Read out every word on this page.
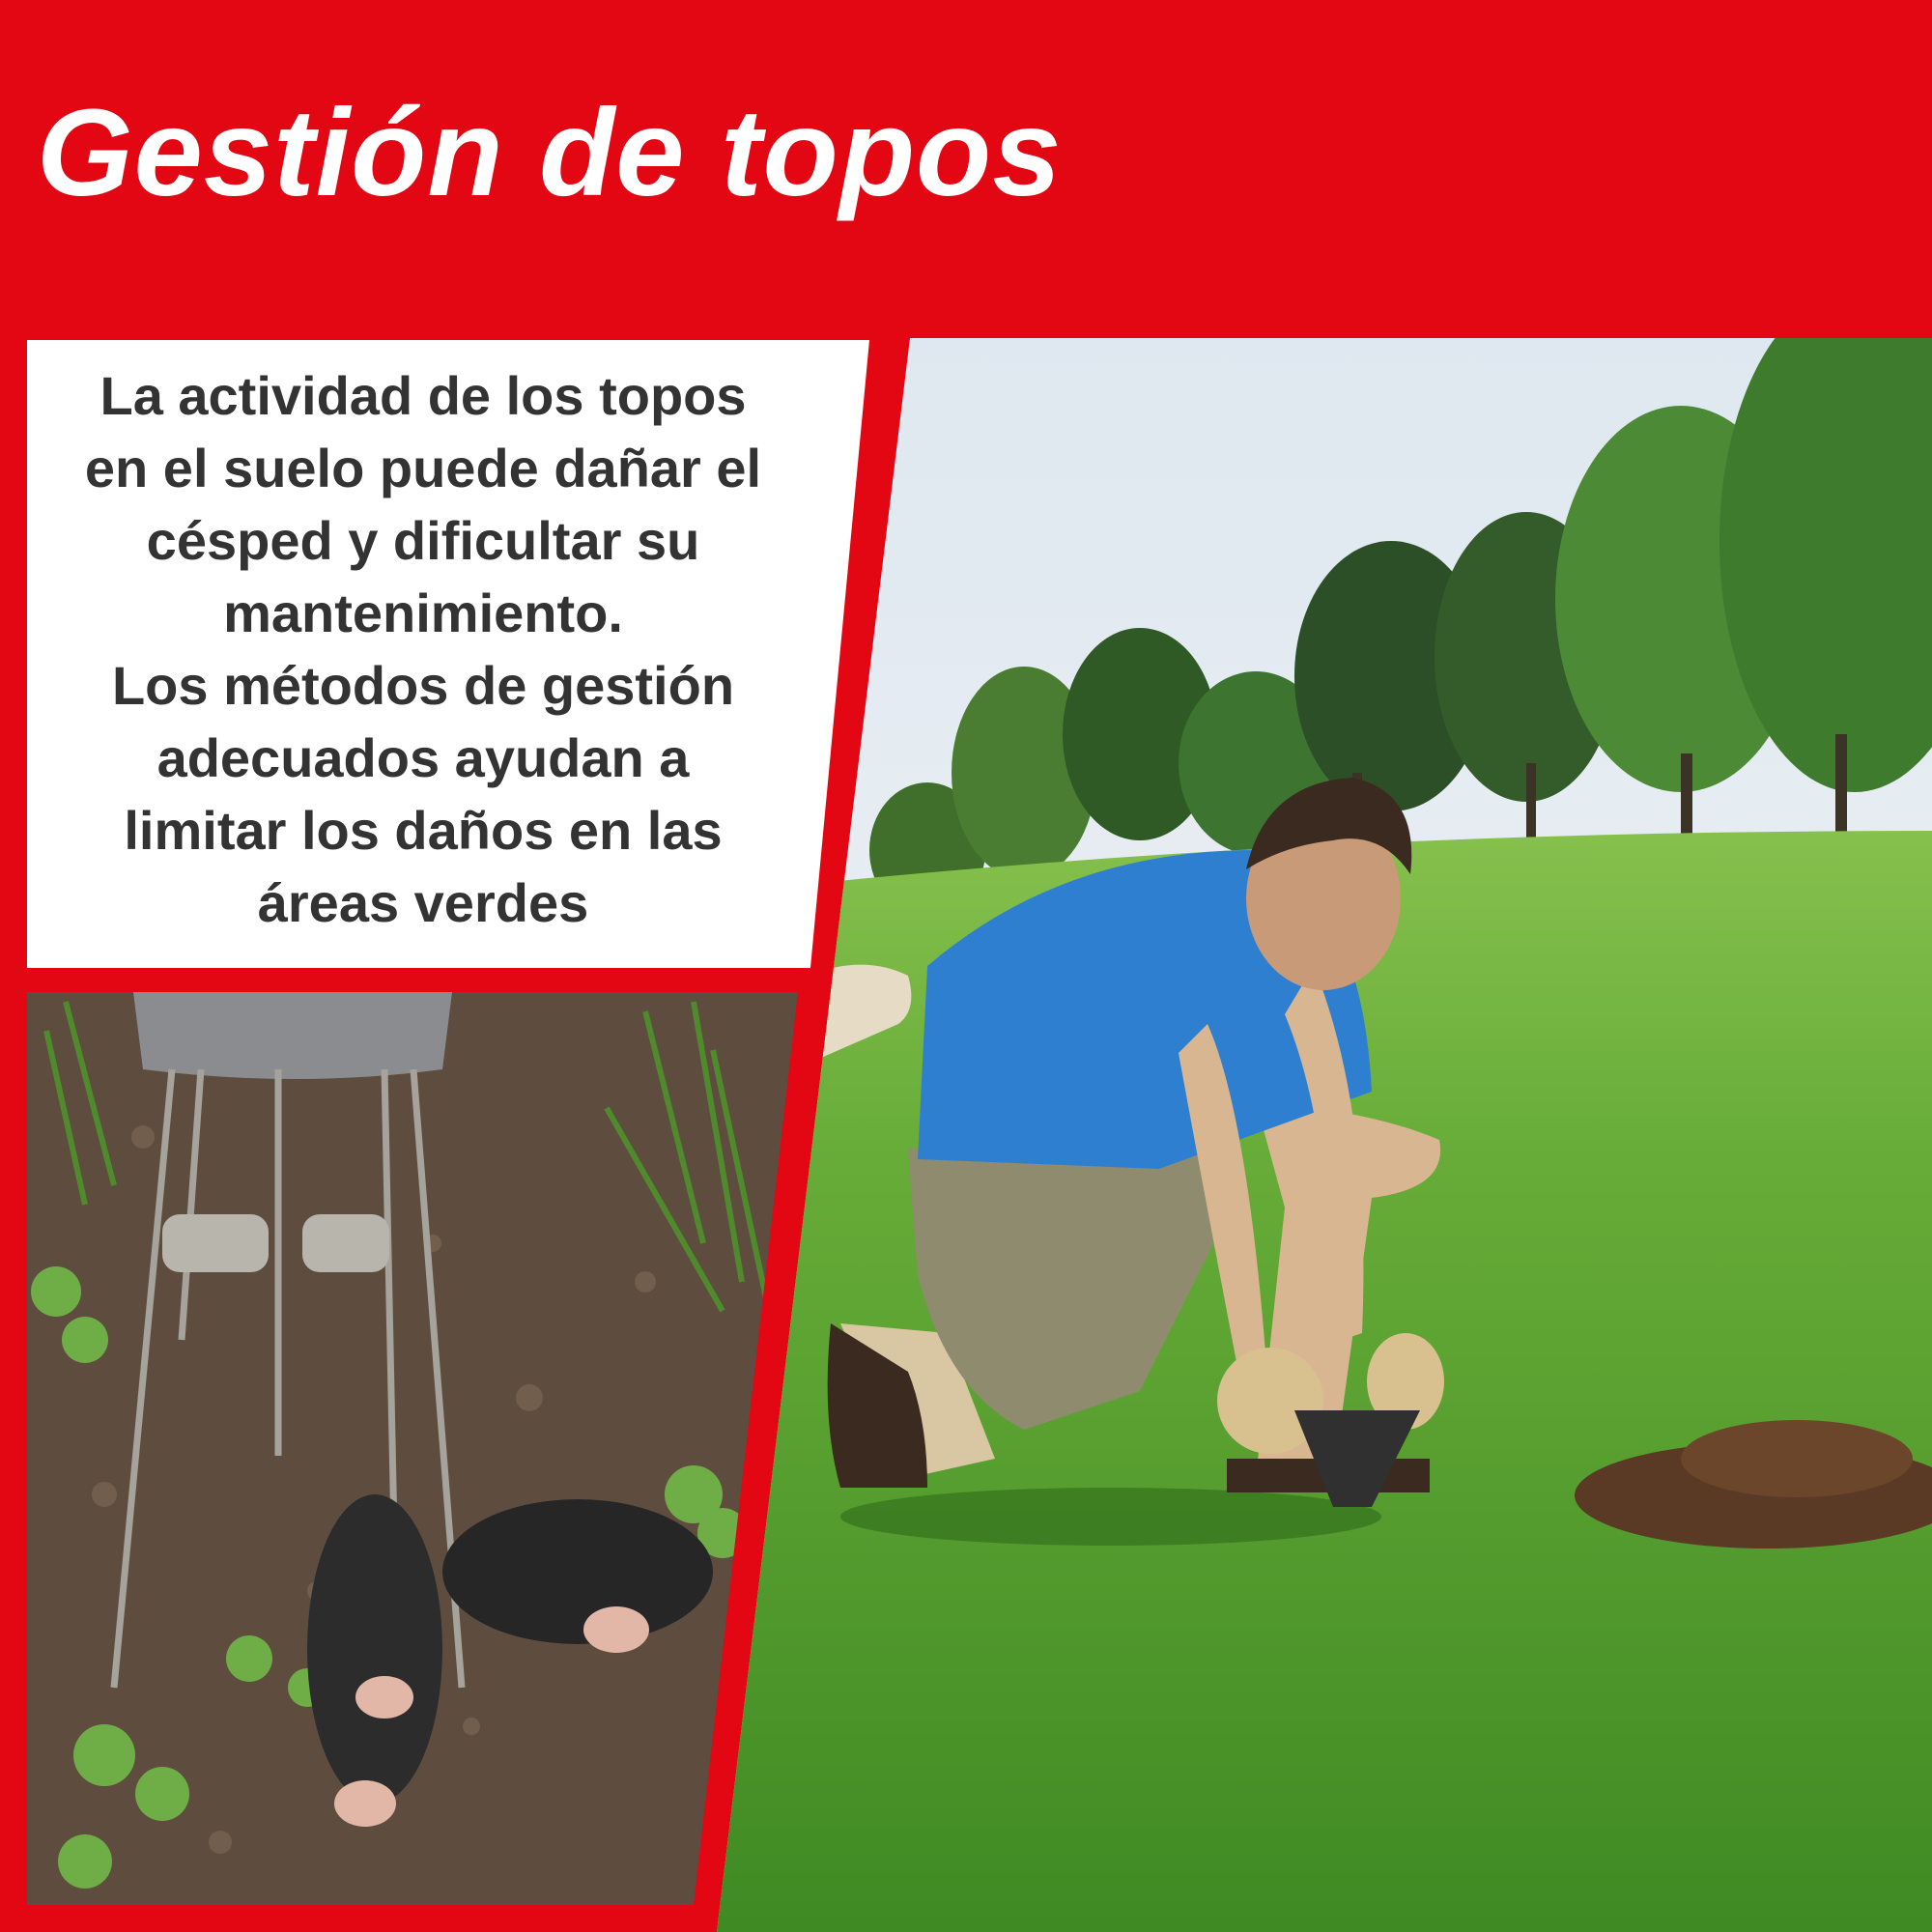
Gestión de topos

La actividad de los topos
en el suelo puede dañar el
césped y dificultar su
mantenimiento.
Los métodos de gestión
adecuados ayudan a
limitar los daños en las
áreas verdes
